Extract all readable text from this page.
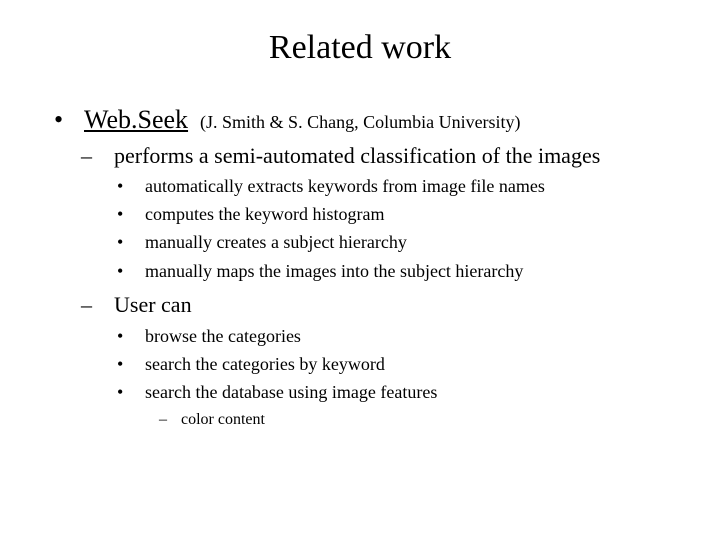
Related work
• Web.Seek (J. Smith & S. Chang, Columbia University)
– performs a semi-automated classification of the images
• automatically extracts keywords from image file names
• computes the keyword histogram
• manually creates a subject hierarchy
• manually maps the images into the subject hierarchy
– User can
• browse the categories
• search the categories by keyword
• search the database using image features
– color content
